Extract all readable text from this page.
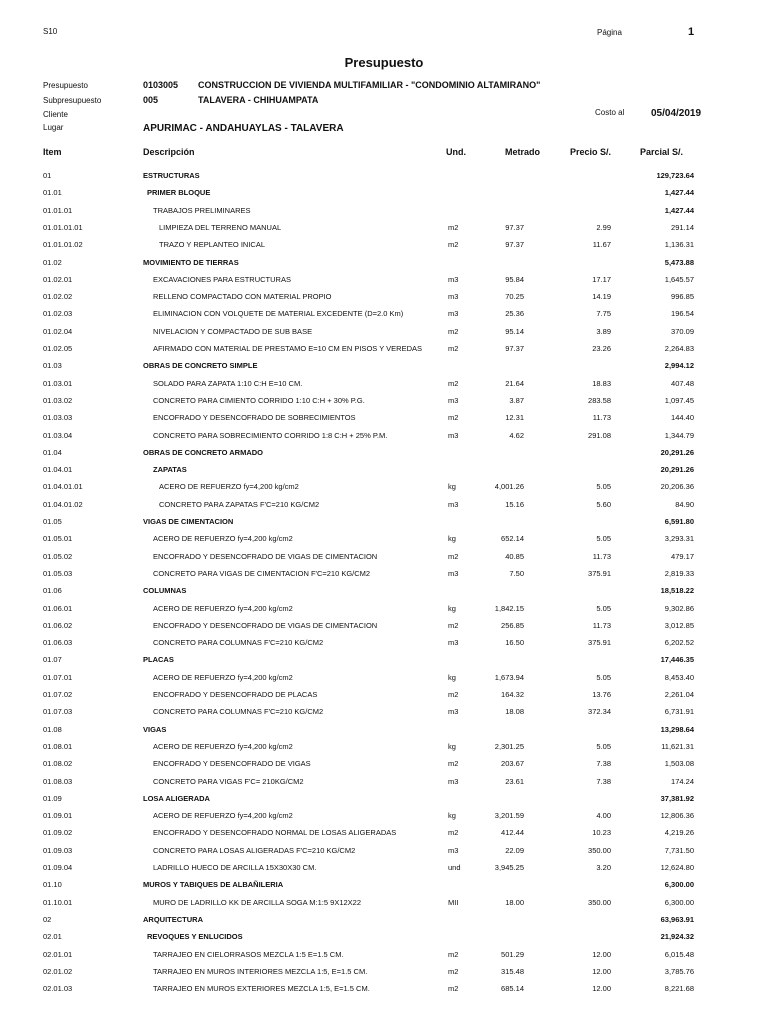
S10	Página	1
Presupuesto
Presupuesto	0103005 CONSTRUCCION DE VIVIENDA MULTIFAMILIAR - "CONDOMINIO ALTAMIRANO"
Subpresupuesto	005	TALAVERA - CHIHUAMPATA
Cliente	Costo al	05/04/2019
Lugar	APURIMAC - ANDAHUAYLAS - TALAVERA
Item	Descripción	Und.	Metrado	Precio S/.	Parcial S/.
01	ESTRUCTURAS	129,723.64
01.01	PRIMER BLOQUE	1,427.44
01.01.01	TRABAJOS PRELIMINARES	1,427.44
01.01.01.01	LIMPIEZA DEL TERRENO MANUAL	m2	97.37	2.99	291.14
01.01.01.02	TRAZO Y REPLANTEO INICAL	m2	97.37	11.67	1,136.31
01.02	MOVIMIENTO DE TIERRAS	5,473.88
01.02.01	EXCAVACIONES PARA ESTRUCTURAS	m3	95.84	17.17	1,645.57
01.02.02	RELLENO COMPACTADO CON MATERIAL PROPIO	m3	70.25	14.19	996.85
01.02.03	ELIMINACION CON VOLQUETE DE MATERIAL EXCEDENTE (D=2.0 Km)	m3	25.36	7.75	196.54
01.02.04	NIVELACION Y COMPACTADO DE SUB BASE	m2	95.14	3.89	370.09
01.02.05	AFIRMADO CON MATERIAL DE PRESTAMO E=10 CM EN PISOS Y VEREDAS	m2	97.37	23.26	2,264.83
01.03	OBRAS DE CONCRETO SIMPLE	2,994.12
01.03.01	SOLADO PARA ZAPATA 1:10 C:H E=10 CM.	m2	21.64	18.83	407.48
01.03.02	CONCRETO PARA CIMIENTO CORRIDO 1:10 C:H + 30% P.G.	m3	3.87	283.58	1,097.45
01.03.03	ENCOFRADO Y DESENCOFRADO DE SOBRECIMIENTOS	m2	12.31	11.73	144.40
01.03.04	CONCRETO PARA SOBRECIMIENTO CORRIDO 1:8 C:H + 25% P.M.	m3	4.62	291.08	1,344.79
01.04	OBRAS DE CONCRETO ARMADO	20,291.26
01.04.01	ZAPATAS	20,291.26
01.04.01.01	ACERO DE REFUERZO fy=4,200 kg/cm2	kg	4,001.26	5.05	20,206.36
01.04.01.02	CONCRETO PARA ZAPATAS F'C=210 KG/CM2	m3	15.16	5.60	84.90
01.05	VIGAS DE CIMENTACION	6,591.80
01.05.01	ACERO DE REFUERZO fy=4,200 kg/cm2	kg	652.14	5.05	3,293.31
01.05.02	ENCOFRADO Y DESENCOFRADO DE VIGAS DE CIMENTACION	m2	40.85	11.73	479.17
01.05.03	CONCRETO PARA VIGAS DE CIMENTACION F'C=210 KG/CM2	m3	7.50	375.91	2,819.33
01.06	COLUMNAS	18,518.22
01.06.01	ACERO DE REFUERZO fy=4,200 kg/cm2	kg	1,842.15	5.05	9,302.86
01.06.02	ENCOFRADO Y DESENCOFRADO DE VIGAS DE CIMENTACION	m2	256.85	11.73	3,012.85
01.06.03	CONCRETO PARA COLUMNAS F'C=210 KG/CM2	m3	16.50	375.91	6,202.52
01.07	PLACAS	17,446.35
01.07.01	ACERO DE REFUERZO fy=4,200 kg/cm2	kg	1,673.94	5.05	8,453.40
01.07.02	ENCOFRADO Y DESENCOFRADO DE PLACAS	m2	164.32	13.76	2,261.04
01.07.03	CONCRETO PARA COLUMNAS F'C=210 KG/CM2	m3	18.08	372.34	6,731.91
01.08	VIGAS	13,298.64
01.08.01	ACERO DE REFUERZO fy=4,200 kg/cm2	kg	2,301.25	5.05	11,621.31
01.08.02	ENCOFRADO Y DESENCOFRADO DE VIGAS	m2	203.67	7.38	1,503.08
01.08.03	CONCRETO PARA VIGAS F'C= 210KG/CM2	m3	23.61	7.38	174.24
01.09	LOSA ALIGERADA	37,381.92
01.09.01	ACERO DE REFUERZO fy=4,200 kg/cm2	kg	3,201.59	4.00	12,806.36
01.09.02	ENCOFRADO Y DESENCOFRADO NORMAL DE LOSAS ALIGERADAS	m2	412.44	10.23	4,219.26
01.09.03	CONCRETO PARA LOSAS ALIGERADAS F'C=210 KG/CM2	m3	22.09	350.00	7,731.50
01.09.04	LADRILLO HUECO DE ARCILLA 15X30X30 CM.	und	3,945.25	3.20	12,624.80
01.10	MUROS Y TABIQUES DE ALBAÑILERIA	6,300.00
01.10.01	MURO DE LADRILLO KK DE ARCILLA SOGA M:1:5 9X12X22	MII	18.00	350.00	6,300.00
02	ARQUITECTURA	63,963.91
02.01	REVOQUES Y ENLUCIDOS	21,924.32
02.01.01	TARRAJEO EN CIELORRASOS MEZCLA 1:5 E=1.5 CM.	m2	501.29	12.00	6,015.48
02.01.02	TARRAJEO EN MUROS INTERIORES MEZCLA 1:5, E=1.5 CM.	m2	315.48	12.00	3,785.76
02.01.03	TARRAJEO EN MUROS EXTERIORES MEZCLA 1:5, E=1.5 CM.	m2	685.14	12.00	8,221.68
